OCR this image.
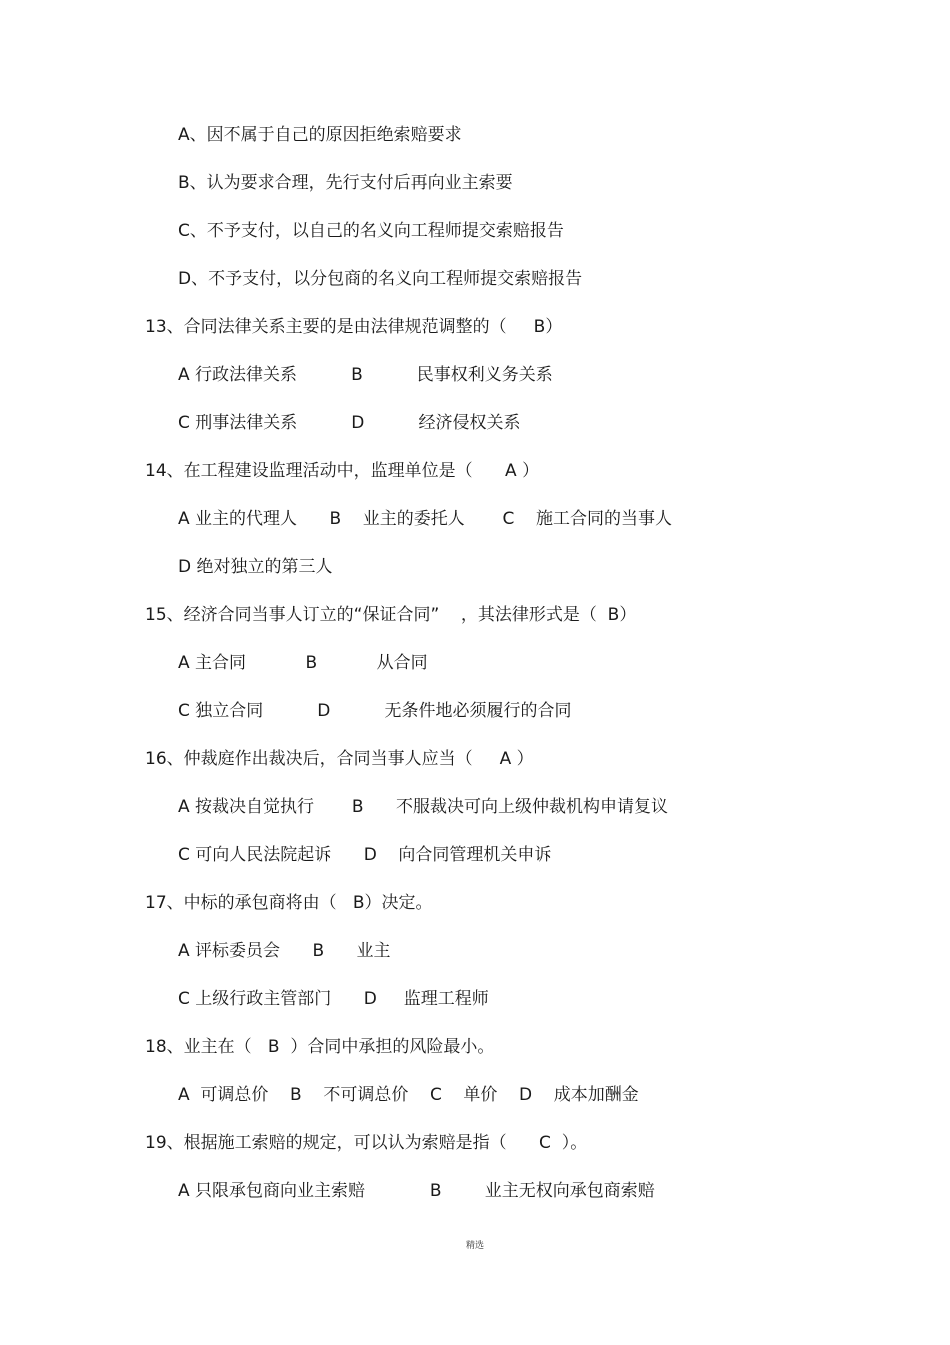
A、因不属于自己的原因拒绝索赔要求
B、认为要求合理，先行支付后再向业主索要
C、不予支付，以自己的名义向工程师提交索赔报告
D、不予支付，以分包商的名义向工程师提交索赔报告
13、合同法律关系主要的是由法律规范调整的（     B）
A 行政法律关系          B          民事权利义务关系
C 刑事法律关系          D          经济侵权关系
14、在工程建设监理活动中，监理单位是（      A ）
A 业主的代理人      B    业主的委托人       C    施工合同的当事人
D 绝对独立的第三人
15、经济合同当事人订立的“保证合同”    ，其法律形式是（  B）
A 主合同           B           从合同
C 独立合同          D          无条件地必须履行的合同
16、仲裁庭作出裁决后，合同当事人应当（     A ）
A 按裁决自觉执行       B      不服裁决可向上级仲裁机构申请复议
C 可向人民法院起诉      D    向合同管理机关申诉
17、中标的承包商将由（   B）决定。
A 评标委员会      B      业主
C 上级行政主管部门      D     监理工程师
18、业主在（   B  ）合同中承担的风险最小。
A  可调总价    B    不可调总价    C    单价    D    成本加酬金
19、根据施工索赔的规定，可以认为索赔是指（      C  ）。
A 只限承包商向业主索赔            B        业主无权向承包商索赔
精选
